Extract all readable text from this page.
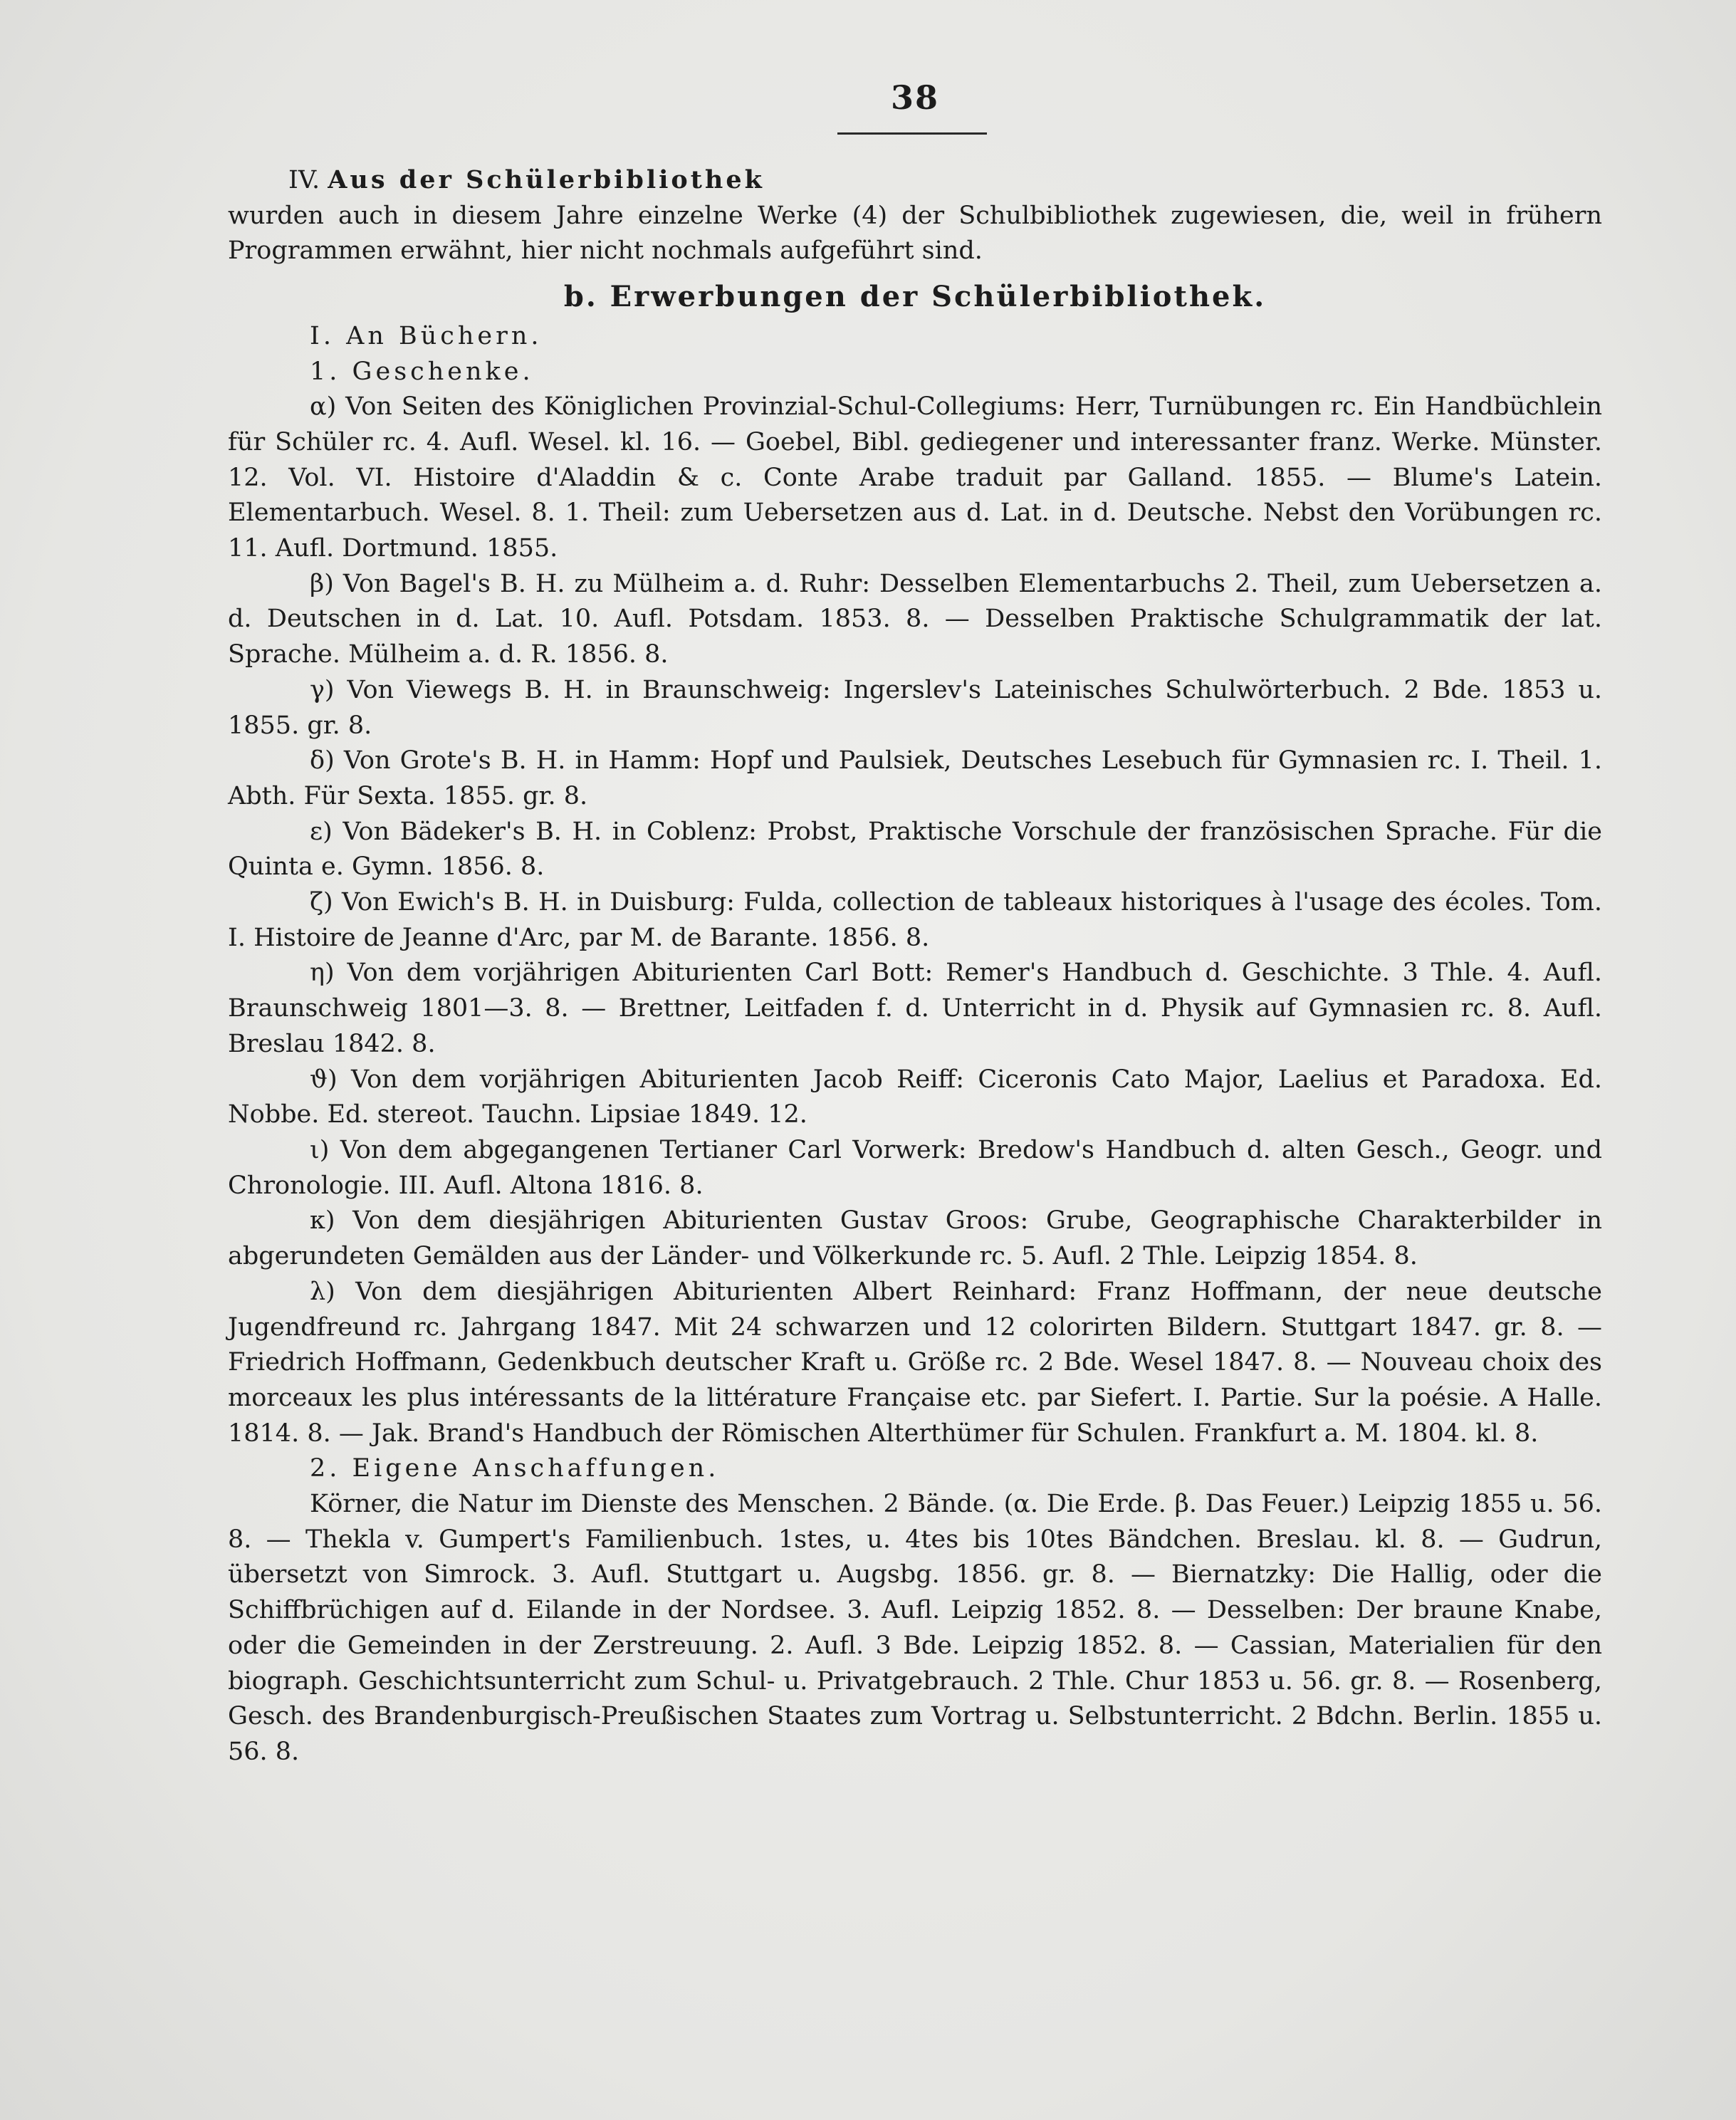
38

IV. Aus der Schülerbibliothek

wurden auch in diesem Jahre einzelne Werke (4) der Schulbibliothek zugewiesen, die, weil in frühern Programmen erwähnt, hier nicht nochmals aufgeführt sind.

b. Erwerbungen der Schülerbibliothek.

I. An Büchern.

1. Geschenke.

α) Von Seiten des Königlichen Provinzial-Schul-Collegiums: Herr, Turnübungen rc. Ein Handbüchlein für Schüler rc. 4. Aufl. Wesel. kl. 16. — Goebel, Bibl. gediegener und interessanter franz. Werke. Münster. 12. Vol. VI. Histoire d'Aladdin & c. Conte Arabe traduit par Galland. 1855. — Blume's Latein. Elementarbuch. Wesel. 8. 1. Theil: zum Uebersetzen aus d. Lat. in d. Deutsche. Nebst den Vorübungen rc. 11. Aufl. Dortmund. 1855.

β) Von Bagel's B. H. zu Mülheim a. d. Ruhr: Desselben Elementarbuchs 2. Theil, zum Uebersetzen a. d. Deutschen in d. Lat. 10. Aufl. Potsdam. 1853. 8. — Desselben Praktische Schulgrammatik der lat. Sprache. Mülheim a. d. R. 1856. 8.

γ) Von Viewegs B. H. in Braunschweig: Ingerslev's Lateinisches Schulwörterbuch. 2 Bde. 1853 u. 1855. gr. 8.

δ) Von Grote's B. H. in Hamm: Hopf und Paulsiek, Deutsches Lesebuch für Gymnasien rc. I. Theil. 1. Abth. Für Sexta. 1855. gr. 8.

ε) Von Bädeker's B. H. in Coblenz: Probst, Praktische Vorschule der französischen Sprache. Für die Quinta e. Gymn. 1856. 8.

ζ) Von Ewich's B. H. in Duisburg: Fulda, collection de tableaux historiques à l'usage des écoles. Tom. I. Histoire de Jeanne d'Arc, par M. de Barante. 1856. 8.

η) Von dem vorjährigen Abiturienten Carl Bott: Remer's Handbuch d. Geschichte. 3 Thle. 4. Aufl. Braunschweig 1801—3. 8. — Brettner, Leitfaden f. d. Unterricht in d. Physik auf Gymnasien rc. 8. Aufl. Breslau 1842. 8.

ϑ) Von dem vorjährigen Abiturienten Jacob Reiff: Ciceronis Cato Major, Laelius et Paradoxa. Ed. Nobbe. Ed. stereot. Tauchn. Lipsiae 1849. 12.

ι) Von dem abgegangenen Tertianer Carl Vorwerk: Bredow's Handbuch d. alten Gesch., Geogr. und Chronologie. III. Aufl. Altona 1816. 8.

κ) Von dem diesjährigen Abiturienten Gustav Groos: Grube, Geographische Charakterbilder in abgerundeten Gemälden aus der Länder- und Völkerkunde rc. 5. Aufl. 2 Thle. Leipzig 1854. 8.

λ) Von dem diesjährigen Abiturienten Albert Reinhard: Franz Hoffmann, der neue deutsche Jugendfreund rc. Jahrgang 1847. Mit 24 schwarzen und 12 colorirten Bildern. Stuttgart 1847. gr. 8. — Friedrich Hoffmann, Gedenkbuch deutscher Kraft u. Größe rc. 2 Bde. Wesel 1847. 8. — Nouveau choix des morceaux les plus intéressants de la littérature Française etc. par Siefert. I. Partie. Sur la poésie. A Halle. 1814. 8. — Jak. Brand's Handbuch der Römischen Alterthümer für Schulen. Frankfurt a. M. 1804. kl. 8.

2. Eigene Anschaffungen.

Körner, die Natur im Dienste des Menschen. 2 Bände. (α. Die Erde. β. Das Feuer.) Leipzig 1855 u. 56. 8. — Thekla v. Gumpert's Familienbuch. 1stes, u. 4tes bis 10tes Bändchen. Breslau. kl. 8. — Gudrun, übersetzt von Simrock. 3. Aufl. Stuttgart u. Augsbg. 1856. gr. 8. — Biernatzky: Die Hallig, oder die Schiffbrüchigen auf d. Eilande in der Nordsee. 3. Aufl. Leipzig 1852. 8. — Desselben: Der braune Knabe, oder die Gemeinden in der Zerstreuung. 2. Aufl. 3 Bde. Leipzig 1852. 8. — Cassian, Materialien für den biograph. Geschichtsunterricht zum Schul- u. Privatgebrauch. 2 Thle. Chur 1853 u. 56. gr. 8. — Rosenberg, Gesch. des Brandenburgisch-Preußischen Staates zum Vortrag u. Selbstunterricht. 2 Bdchn. Berlin. 1855 u. 56. 8.
